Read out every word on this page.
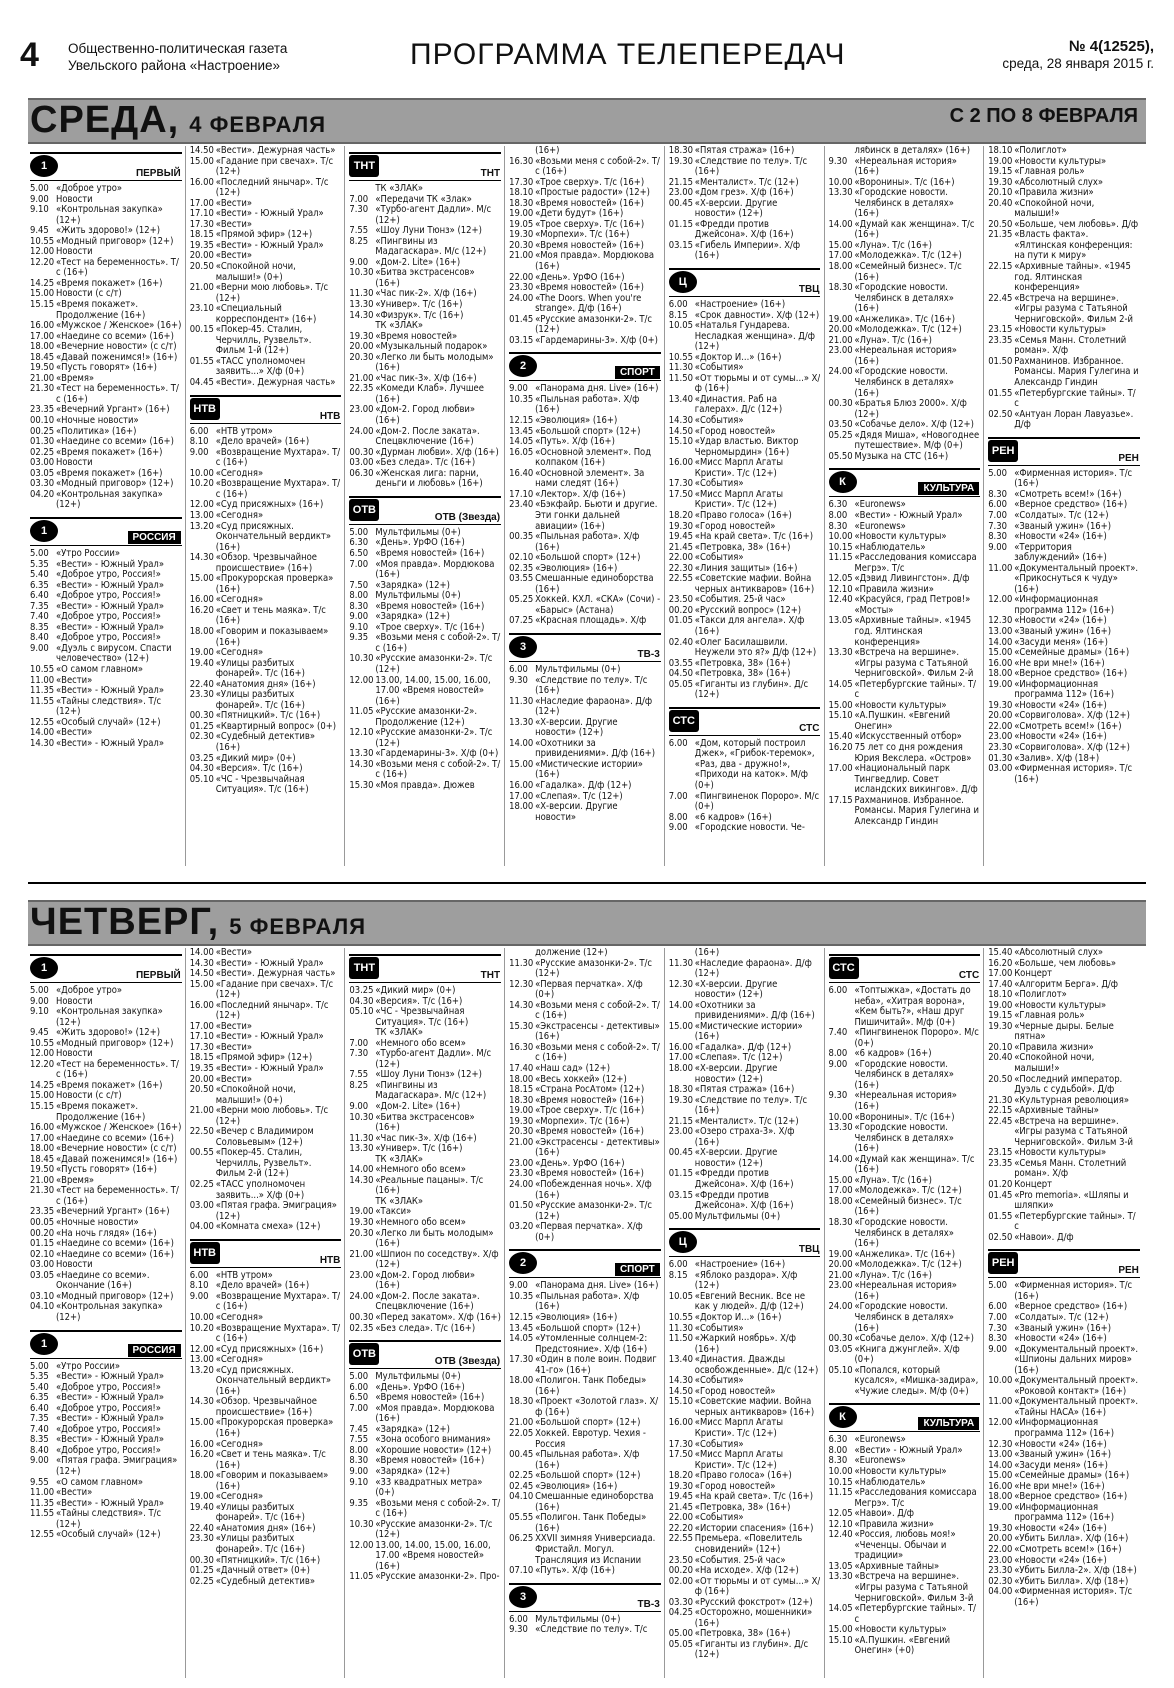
4 Общественно-политическая газета
Увельского района «Настроение»	ПРОГРАММА ТЕЛЕПЕРЕДАЧ	№ 4(12525),
среда, 28 января 2015 г.
СРЕДА, 4 ФЕВРАЛЯ	С 2 ПО 8 ФЕВРАЛЯ
1
ПЕРВЫЙ
5.00 «Доброе утро»
9.00 Новости
9.10 «Контрольная закупка» (12+)
9.45 «Жить здорово!» (12+)
10.55 «Модный приговор» (12+)
12.00 Новости
12.20 «Тест на беременность». Т/с (16+)
14.25 «Время покажет» (16+)
15.00 Новости (с с/т)
15.15 «Время покажет». Продолжение (16+)
16.00 «Мужское / Женское» (16+)
17.00 «Наедине со всеми» (16+)
18.00 «Вечерние новости» (с с/т)
18.45 «Давай поженимся!» (16+)
19.50 «Пусть говорят» (16+)
21.00 «Время»
21.30 «Тест на беременность». Т/с (16+)
23.35 «Вечерний Ургант» (16+)
00.10 «Ночные новости»
00.25 «Политика» (16+)
01.30 «Наедине со всеми» (16+)
02.25 «Время покажет» (16+)
03.00 Новости
03.05 «Время покажет» (16+)
03.30 «Модный приговор» (12+)
04.20 «Контрольная закупка» (12+)
1
РОССИЯ
5.00 «Утро России»
5.35 «Вести» - Южный Урал»
5.40 «Доброе утро, Россия!»
6.35 «Вести» - Южный Урал»
6.40 «Доброе утро, Россия!»
7.35 «Вести» - Южный Урал»
7.40 «Доброе утро, Россия!»
8.35 «Вести» - Южный Урал»
8.40 «Доброе утро, Россия!»
9.00 «Дуэль с вирусом. Спасти человечество» (12+)
10.55 «О самом главном»
11.00 «Вести»
11.35 «Вести» - Южный Урал»
11.55 «Тайны следствия». Т/с (12+)
12.55 «Особый случай» (12+)
14.00 «Вести»
14.30 «Вести» - Южный Урал»
14.50 «Вести». Дежурная часть»
15.00 «Гадание при свечах». Т/с (12+)
16.00 «Последний янычар». Т/с (12+)
17.00 «Вести»
17.10 «Вести» - Южный Урал»
17.30 «Вести»
18.15 «Прямой эфир» (12+)
19.35 «Вести» - Южный Урал»
20.00 «Вести»
20.50 «Спокойной ночи, малыши!» (0+)
21.00 «Верни мою любовь». Т/с (12+)
23.10 «Специальный корреспондент» (16+)
00.15 «Покер-45. Сталин, Черчилль, Рузвельт». Фильм 1-й (12+)
01.55 «ТАСС уполномочен заявить...» Х/ф (0+)
04.45 «Вести». Дежурная часть»
НТВ
НТВ
6.00 «НТВ утром»
8.10 «Дело врачей» (16+)
9.00 «Возвращение Мухтара». Т/с (16+)
10.00 «Сегодня»
10.20 «Возвращение Мухтара». Т/с (16+)
12.00 «Суд присяжных» (16+)
13.00 «Сегодня»
13.20 «Суд присяжных. Окончательный вердикт» (16+)
14.30 «Обзор. Чрезвычайное происшествие» (16+)
15.00 «Прокурорская проверка» (16+)
16.00 «Сегодня»
16.20 «Свет и тень маяка». Т/с (16+)
18.00 «Говорим и показываем» (16+)
19.00 «Сегодня»
19.40 «Улицы разбитых фонарей». Т/с (16+)
22.40 «Анатомия дня» (16+)
23.30 «Улицы разбитых фонарей». Т/с (16+)
00.30 «Пятницкий». Т/с (16+)
01.25 «Квартирный вопрос» (0+)
02.30 «Судебный детектив» (16+)
03.25 «Дикий мир» (0+)
04.30 «Версия». Т/с (16+)
05.10 «ЧС - Чрезвычайная Ситуация». Т/с (16+)
ТНТ
ТНТ
ТК «ЗЛАК»
7.00 «Передачи ТК «Злак»
7.30 «Турбо-агент Дадли». М/с (12+)
7.55 «Шоу Луни Тюнз» (12+)
8.25 «Пингвины из Мадагаскара». М/с (12+)
9.00 «Дом-2. Lite» (16+)
10.30 «Битва экстрасенсов» (16+)
11.30 «Час пик-2». Х/ф (16+)
13.30 «Универ». Т/с (16+)
14.30 «Физрук». Т/с (16+)
ТК «ЗЛАК»
19.30 «Время новостей»
20.00 «Музыкальный подарок»
20.30 «Легко ли быть молодым» (16+)
21.00 «Час пик-3». Х/ф (16+)
22.35 «Комеди Клаб». Лучшее (16+)
23.00 «Дом-2. Город любви» (16+)
24.00 «Дом-2. После заката». Спецвключение (16+)
00.30 «Дурман любви». Х/ф (16+)
03.00 «Без следа». Т/с (16+)
06.30 «Женская лига: парни, деньги и любовь» (16+)
ОТВ
ОТВ (Звезда)
5.00 Мультфильмы (0+)
6.30 «День». УрФО (16+)
6.50 «Время новостей» (16+)
7.00 «Моя правда». Мордюкова (16+)
7.50 «Зарядка» (12+)
8.00 Мультфильмы (0+)
8.30 «Время новостей» (16+)
9.00 «Зарядка» (12+)
9.10 «Трое сверху». Т/с (16+)
9.35 «Возьми меня с собой-2». Т/с (16+)
10.30 «Русские амазонки-2». Т/с (12+)
12.00 13.00, 14.00, 15.00, 16.00, 17.00 «Время новостей» (16+)
11.05 «Русские амазонки-2». Продолжение (12+)
12.10 «Русские амазонки-2». Т/с (12+)
13.30 «Гардемарины-3». Х/ф (0+)
14.30 «Возьми меня с собой-2». Т/с (16+)
15.30 «Моя правда». Дюжев
(16+)
16.30 «Возьми меня с собой-2». Т/с (16+)
17.30 «Трое сверху». Т/с (16+)
18.10 «Простые радости» (12+)
18.30 «Время новостей» (16+)
19.00 «Дети будут» (16+)
19.05 «Трое сверху». Т/с (16+)
19.30 «Морпехи». Т/с (16+)
20.30 «Время новостей» (16+)
21.00 «Моя правда». Мордюкова (16+)
22.00 «День». УрФО (16+)
23.30 «Время новостей» (16+)
24.00 «The Doors. When you're strange». Д/ф (16+)
01.45 «Русские амазонки-2». Т/с (12+)
03.15 «Гардемарины-3». Х/ф (0+)
2
СПОРТ
9.00 «Панорама дня. Live» (16+)
10.35 «Пыльная работа». Х/ф (16+)
12.15 «Эволюция» (16+)
13.45 «Большой спорт» (12+)
14.05 «Путь». Х/ф (16+)
16.05 «Основной элемент». Под колпаком (16+)
16.40 «Основной элемент». За нами следят (16+)
17.10 «Лектор». Х/ф (16+)
23.40 «Бэкфайр. Бьюти и другие. Эти гонки дальней авиации» (16+)
00.35 «Пыльная работа». Х/ф (16+)
02.10 «Большой спорт» (12+)
02.35 «Эволюция» (16+)
03.55 Смешанные единоборства (16+)
05.25 Хоккей. КХЛ. «СКА» (Сочи) - «Барыс» (Астана)
07.25 «Красная площадь». Х/ф
3
ТВ-3
6.00 Мультфильмы (0+)
9.30 «Следствие по телу». Т/с (16+)
11.30 «Наследие фараона». Д/ф (12+)
13.30 «Х-версии. Другие новости» (12+)
14.00 «Охотники за привидениями». Д/ф (16+)
15.00 «Мистические истории» (16+)
16.00 «Гадалка». Д/ф (12+)
17.00 «Слепая». Т/с (12+)
18.00 «Х-версии. Другие новости»
18.30 «Пятая стража» (16+)
19.30 «Следствие по телу». Т/с (16+)
21.15 «Менталист». Т/с (12+)
23.00 «Дом грез». Х/ф (16+)
00.45 «Х-версии. Другие новости» (12+)
01.15 «Фредди против Джейсона». Х/ф (16+)
03.15 «Гибель Империи». Х/ф (16+)
Ц
ТВЦ
6.00 «Настроение» (16+)
8.15 «Срок давности». Х/ф (12+)
10.05 «Наталья Гундарева. Несладкая женщина». Д/ф (12+)
10.55 «Доктор И...» (16+)
11.30 «События»
11.50 «От тюрьмы и от сумы...» Х/ф (16+)
13.40 «Династия. Раб на галерах». Д/с (12+)
14.30 «События»
14.50 «Город новостей»
15.10 «Удар властью. Виктор Черномырдин» (16+)
16.00 «Мисс Марпл Агаты Кристи». Т/с (12+)
17.30 «События»
17.50 «Мисс Марпл Агаты Кристи». Т/с (12+)
18.20 «Право голоса» (16+)
19.30 «Город новостей»
19.45 «На край света». Т/с (16+)
21.45 «Петровка, 38» (16+)
22.00 «События»
22.30 «Линия защиты» (16+)
22.55 «Советские мафии. Война черных антикваров» (16+)
23.50 «События. 25-й час»
00.20 «Русский вопрос» (12+)
01.05 «Такси для ангела». Х/ф (16+)
02.40 «Олег Басилашвили. Неужели это я?» Д/ф (12+)
03.55 «Петровка, 38» (16+)
04.50 «Петровка, 38» (16+)
05.05 «Гиганты из глубин». Д/с (12+)
СТС
СТС
6.00 «Дом, который построил Джек», «Грибок-теремок», «Раз, два - дружно!», «Приходи на каток». М/ф (0+)
7.00 «Пингвиненок Пороро». М/с (0+)
8.00 «6 кадров» (16+)
9.00 «Городские новости. Че-
лябинск в деталях» (16+)
9.30 «Нереальная история» (16+)
10.00 «Воронины». Т/с (16+)
13.30 «Городские новости. Челябинск в деталях» (16+)
14.00 «Думай как женщина». Т/с (16+)
15.00 «Луна». Т/с (16+)
17.00 «Молодежка». Т/с (12+)
18.00 «Семейный бизнес». Т/с (16+)
18.30 «Городские новости. Челябинск в деталях» (16+)
19.00 «Анжелика». Т/с (16+)
20.00 «Молодежка». Т/с (12+)
21.00 «Луна». Т/с (16+)
23.00 «Нереальная история» (16+)
24.00 «Городские новости. Челябинск в деталях» (16+)
00.30 «Братья Блюз 2000». Х/ф (12+)
03.50 «Собачье дело». Х/ф (12+)
05.25 «Дядя Миша», «Новогоднее путешествие». М/ф (0+)
05.50 Музыка на СТС (16+)
К
КУЛЬТУРА
6.30 «Euronews»
8.00 «Вести» - Южный Урал»
8.30 «Euronews»
10.00 «Новости культуры»
10.15 «Наблюдатель»
11.15 «Расследования комиссара Мегрэ». Т/с
12.05 «Дэвид Ливингстон». Д/ф
12.10 «Правила жизни»
12.40 «Красуйся, град Петров!» «Мосты»
13.05 «Архивные тайны». «1945 год. Ялтинская конференция»
13.30 «Встреча на вершине». «Игры разума с Татьяной Черниговской». Фильм 2-й
14.05 «Петербургские тайны». Т/с
15.00 «Новости культуры»
15.10 «А.Пушкин. «Евгений Онегин»
15.40 «Искусственный отбор»
16.20 75 лет со дня рождения Юрия Векслера. «Остров»
17.00 «Национальный парк Тингведлир. Совет исландских викингов». Д/ф
17.15 Рахманинов. Избранное. Романсы. Мария Гулегина и Александр Гиндин
18.10 «Полиглот»
19.00 «Новости культуры»
19.15 «Главная роль»
19.30 «Абсолютный слух»
20.10 «Правила жизни»
20.40 «Спокойной ночи, малыши!»
20.50 «Больше, чем любовь». Д/ф
21.35 «Власть факта». «Ялтинская конференция: на пути к миру»
22.15 «Архивные тайны». «1945 год. Ялтинская конференция»
22.45 «Встреча на вершине». «Игры разума с Татьяной Черниговской». Фильм 2-й
23.15 «Новости культуры»
23.35 «Семья Манн. Столетний роман». Х/ф
01.50 Рахманинов. Избранное. Романсы. Мария Гулегина и Александр Гиндин
01.55 «Петербургские тайны». Т/с
02.50 «Антуан Лоран Лавуазье». Д/ф
РЕН
РЕН
5.00 «Фирменная история». Т/с (16+)
8.30 «Смотреть всем!» (16+)
6.00 «Верное средство» (16+)
7.00 «Солдаты». Т/с (12+)
7.30 «Званый ужин» (16+)
8.30 «Новости «24» (16+)
9.00 «Территория заблуждений» (16+)
11.00 «Документальный проект». «Прикоснуться к чуду» (16+)
12.00 «Информационная программа 112» (16+)
12.30 «Новости «24» (16+)
13.00 «Званый ужин» (16+)
14.00 «Засуди меня» (16+)
15.00 «Семейные драмы» (16+)
16.00 «Не ври мне!» (16+)
18.00 «Верное средство» (16+)
19.00 «Информационная программа 112» (16+)
19.30 «Новости «24» (16+)
20.00 «Сорвиголова». Х/ф (12+)
22.00 «Смотреть всем!» (16+)
23.00 «Новости «24» (16+)
23.30 «Сорвиголова». Х/ф (12+)
01.30 «Залив». Х/ф (18+)
03.00 «Фирменная история». Т/с (16+)
ЧЕТВЕРГ, 5 ФЕВРАЛЯ
1
ПЕРВЫЙ
5.00 «Доброе утро»
9.00 Новости
9.10 «Контрольная закупка» (12+)
9.45 «Жить здорово!» (12+)
10.55 «Модный приговор» (12+)
12.00 Новости
12.20 «Тест на беременность». Т/с (16+)
14.25 «Время покажет» (16+)
15.00 Новости (с с/т)
15.15 «Время покажет». Продолжение (16+)
16.00 «Мужское / Женское» (16+)
17.00 «Наедине со всеми» (16+)
18.00 «Вечерние новости» (с с/т)
18.45 «Давай поженимся!» (16+)
19.50 «Пусть говорят» (16+)
21.00 «Время»
21.30 «Тест на беременность». Т/с (16+)
23.35 «Вечерний Ургант» (16+)
00.05 «Ночные новости»
00.20 «На ночь глядя» (16+)
01.15 «Наедине со всеми» (16+)
02.10 «Наедине со всеми» (16+)
03.00 Новости
03.05 «Наедине со всеми». Окончание (16+)
03.10 «Модный приговор» (12+)
04.10 «Контрольная закупка» (12+)
1
РОССИЯ
5.00 «Утро России»
5.35 «Вести» - Южный Урал»
5.40 «Доброе утро, Россия!»
6.35 «Вести» - Южный Урал»
6.40 «Доброе утро, Россия!»
7.35 «Вести» - Южный Урал»
7.40 «Доброе утро, Россия!»
8.35 «Вести» - Южный Урал»
8.40 «Доброе утро, Россия!»
9.00 «Пятая графа. Эмиграция» (12+)
9.55 «О самом главном»
11.00 «Вести»
11.35 «Вести» - Южный Урал»
11.55 «Тайны следствия». Т/с (12+)
12.55 «Особый случай» (12+)
14.00 «Вести»
14.30 «Вести» - Южный Урал»
14.50 «Вести». Дежурная часть»
15.00 «Гадание при свечах». Т/с (12+)
16.00 «Последний янычар». Т/с (12+)
17.00 «Вести»
17.10 «Вести» - Южный Урал»
17.30 «Вести»
18.15 «Прямой эфир» (12+)
19.35 «Вести» - Южный Урал»
20.00 «Вести»
20.50 «Спокойной ночи, малыши!» (0+)
21.00 «Верни мою любовь». Т/с (12+)
22.50 «Вечер с Владимиром Соловьевым» (12+)
00.55 «Покер-45. Сталин, Черчилль, Рузвельт». Фильм 2-й (12+)
02.25 «ТАСС уполномочен заявить...» Х/ф (0+)
03.00 «Пятая графа. Эмиграция» (12+)
04.00 «Комната смеха» (12+)
НТВ
НТВ
6.00 «НТВ утром»
8.10 «Дело врачей» (16+)
9.00 «Возвращение Мухтара». Т/с (16+)
10.00 «Сегодня»
10.20 «Возвращение Мухтара». Т/с (16+)
12.00 «Суд присяжных» (16+)
13.00 «Сегодня»
13.20 «Суд присяжных. Окончательный вердикт» (16+)
14.30 «Обзор. Чрезвычайное происшествие» (16+)
15.00 «Прокурорская проверка» (16+)
16.00 «Сегодня»
16.20 «Свет и тень маяка». Т/с (16+)
18.00 «Говорим и показываем» (16+)
19.00 «Сегодня»
19.40 «Улицы разбитых фонарей». Т/с (16+)
22.40 «Анатомия дня» (16+)
23.30 «Улицы разбитых фонарей». Т/с (16+)
00.30 «Пятницкий». Т/с (16+)
01.25 «Дачный ответ» (0+)
02.25 «Судебный детектив»
ТНТ
ТНТ
03.25 «Дикий мир» (0+)
04.30 «Версия». Т/с (16+)
05.10 «ЧС - Чрезвычайная Ситуация». Т/с (16+)
ТК «ЗЛАК»
7.00 «Немного обо всем»
7.30 «Турбо-агент Дадли». М/с (12+)
7.55 «Шоу Луни Тюнз» (12+)
8.25 «Пингвины из Мадагаскара». М/с (12+)
9.00 «Дом-2. Lite» (16+)
10.30 «Битва экстрасенсов» (16+)
11.30 «Час пик-3». Х/ф (16+)
13.30 «Универ». Т/с (16+)
ТК «ЗЛАК»
14.00 «Немного обо всем»
14.30 «Реальные пацаны». Т/с (16+)
ТК «ЗЛАК»
19.00 «Такси»
19.30 «Немного обо всем»
20.30 «Легко ли быть молодым» (16+)
21.00 «Шпион по соседству». Х/ф (12+)
23.00 «Дом-2. Город любви» (16+)
24.00 «Дом-2. После заката». Спецвключение (16+)
00.30 «Перед закатом». Х/ф (16+)
02.35 «Без следа». Т/с (16+)
ОТВ
ОТВ (Звезда)
5.00 Мультфильмы (0+)
6.00 «День». УрФО (16+)
6.50 «Время новостей» (16+)
7.00 «Моя правда». Мордюкова (16+)
7.45 «Зарядка» (12+)
7.55 «Зона особого внимания»
8.00 «Хорошие новости» (12+)
8.30 «Время новостей» (16+)
9.00 «Зарядка» (12+)
9.10 «33 квадратных метра» (0+)
9.35 «Возьми меня с собой-2». Т/с (16+)
10.30 «Русские амазонки-2». Т/с (12+)
12.00 13.00, 14.00, 15.00, 16.00, 17.00 «Время новостей» (16+)
11.05 «Русские амазонки-2». Про-
должение (12+)
11.30 «Русские амазонки-2». Т/с (12+)
12.30 «Первая перчатка». Х/ф (0+)
14.30 «Возьми меня с собой-2». Т/с (16+)
15.30 «Экстрасенсы - детективы» (16+)
16.30 «Возьми меня с собой-2». Т/с (16+)
17.40 «Наш сад» (12+)
18.00 «Весь хоккей» (12+)
18.15 «Страна РосАтом» (12+)
18.30 «Время новостей» (16+)
19.00 «Трое сверху». Т/с (16+)
19.30 «Морпехи». Т/с (16+)
20.30 «Время новостей» (16+)
21.00 «Экстрасенсы - детективы» (16+)
23.00 «День». УрФО (16+)
23.30 «Время новостей» (16+)
24.00 «Побежденная ночь». Х/ф (16+)
01.50 «Русские амазонки-2». Т/с (12+)
03.20 «Первая перчатка». Х/ф (0+)
2
СПОРТ
9.00 «Панорама дня. Live» (16+)
10.35 «Пыльная работа». Х/ф (16+)
12.15 «Эволюция» (16+)
13.45 «Большой спорт» (12+)
14.05 «Утомленные солнцем-2: Предстояние». Х/ф (16+)
17.30 «Один в поле воин. Подвиг 41-го» (16+)
18.00 «Полигон. Танк Победы» (16+)
18.30 «Проект «Золотой глаз». Х/ф (16+)
21.00 «Большой спорт» (12+)
22.05 Хоккей. Евротур. Чехия - Россия
00.45 «Пыльная работа». Х/ф (16+)
02.25 «Большой спорт» (12+)
02.45 «Эволюция» (16+)
04.10 Смешанные единоборства (16+)
05.55 «Полигон. Танк Победы» (16+)
06.25 XXVII зимняя Универсиада. Фристайл. Могул. Трансляция из Испании
07.10 «Путь». Х/ф (16+)
3
ТВ-3
6.00 Мультфильмы (0+)
9.30 «Следствие по телу». Т/с
(16+)
11.30 «Наследие фараона». Д/ф (12+)
12.30 «Х-версии. Другие новости» (12+)
14.00 «Охотники за привидениями». Д/ф (16+)
15.00 «Мистические истории» (16+)
16.00 «Гадалка». Д/ф (12+)
17.00 «Слепая». Т/с (12+)
18.00 «Х-версии. Другие новости» (12+)
18.30 «Пятая стража» (16+)
19.30 «Следствие по телу». Т/с (16+)
21.15 «Менталист». Т/с (12+)
23.00 «Озеро страха-3». Х/ф (16+)
00.45 «Х-версии. Другие новости» (12+)
01.15 «Фредди против Джейсона». Х/ф (16+)
03.15 «Фредди против Джейсона». Х/ф (16+)
05.00 Мультфильмы (0+)
Ц
ТВЦ
6.00 «Настроение» (16+)
8.15 «Яблоко раздора». Х/ф (12+)
10.05 «Евгений Весник. Все не как у людей». Д/ф (12+)
10.55 «Доктор И...» (16+)
11.30 «События»
11.50 «Жаркий ноябрь». Х/ф (16+)
13.40 «Династия. Дважды освобожденные». Д/с (12+)
14.30 «События»
14.50 «Город новостей»
15.10 «Советские мафии. Война черных антикваров» (16+)
16.00 «Мисс Марпл Агаты Кристи». Т/с (12+)
17.30 «События»
17.50 «Мисс Марпл Агаты Кристи». Т/с (12+)
18.20 «Право голоса» (16+)
19.30 «Город новостей»
19.45 «На край света». Т/с (16+)
21.45 «Петровка, 38» (16+)
22.00 «События»
22.20 «Истории спасения» (16+)
22.55 Премьера. «Повелитель сновидений» (12+)
23.50 «События. 25-й час»
00.20 «На исходе». Х/ф (12+)
02.00 «От тюрьмы и от сумы...» Х/ф (16+)
03.30 «Русский фокстрот» (12+)
04.25 «Осторожно, мошенники» (16+)
05.00 «Петровка, 38» (16+)
05.05 «Гиганты из глубин». Д/с (12+)
СТС
СТС
6.00 «Топтыжка», «Достать до неба», «Хитрая ворона», «Кем быть?», «Наш друг Пишичитай». М/ф (0+)
7.40 «Пингвиненок Пороро». М/с (0+)
8.00 «6 кадров» (16+)
9.00 «Городские новости. Челябинск в деталях» (16+)
9.30 «Нереальная история» (16+)
10.00 «Воронины». Т/с (16+)
13.30 «Городские новости. Челябинск в деталях» (16+)
14.00 «Думай как женщина». Т/с (16+)
15.00 «Луна». Т/с (16+)
17.00 «Молодежка». Т/с (12+)
18.00 «Семейный бизнес». Т/с (16+)
18.30 «Городские новости. Челябинск в деталях» (16+)
19.00 «Анжелика». Т/с (16+)
20.00 «Молодежка». Т/с (12+)
21.00 «Луна». Т/с (16+)
23.00 «Нереальная история» (16+)
24.00 «Городские новости. Челябинск в деталях» (16+)
00.30 «Собачье дело». Х/ф (12+)
03.05 «Книга джунглей». Х/ф (0+)
05.10 «Попался, который кусался», «Мишка-задира», «Чужие следы». М/ф (0+)
К
КУЛЬТУРА
6.30 «Euronews»
8.00 «Вести» - Южный Урал»
8.30 «Euronews»
10.00 «Новости культуры»
10.15 «Наблюдатель»
11.15 «Расследования комиссара Мегрэ». Т/с
12.05 «Навои». Д/ф
12.10 «Правила жизни»
12.40 «Россия, любовь моя!» «Чеченцы. Обычаи и традиции»
13.05 «Архивные тайны»
13.30 «Встреча на вершине». «Игры разума с Татьяной Черниговской». Фильм 3-й
14.05 «Петербургские тайны». Т/с
15.00 «Новости культуры»
15.10 «А.Пушкин. «Евгений Онегин» (+0)
15.40 «Абсолютный слух»
16.20 «Больше, чем любовь»
17.00 Концерт
17.40 «Алгоритм Берга». Д/ф
18.10 «Полиглот»
19.00 «Новости культуры»
19.15 «Главная роль»
19.30 «Черные дыры. Белые пятна»
20.10 «Правила жизни»
20.40 «Спокойной ночи, малыши!»
20.50 «Последний император. Дуэль с судьбой». Д/ф
21.30 «Культурная революция»
22.15 «Архивные тайны»
22.45 «Встреча на вершине». «Игры разума с Татьяной Черниговской». Фильм 3-й
23.15 «Новости культуры»
23.35 «Семья Манн. Столетний роман». Х/ф
01.20 Концерт
01.45 «Pro memoria». «Шляпы и шляпки»
01.55 «Петербургские тайны». Т/с
02.50 «Навои». Д/ф
РЕН
РЕН
5.00 «Фирменная история». Т/с (16+)
6.00 «Верное средство» (16+)
7.00 «Солдаты». Т/с (12+)
7.30 «Званый ужин» (16+)
8.30 «Новости «24» (16+)
9.00 «Документальный проект». «Шпионы дальних миров» (16+)
10.00 «Документальный проект». «Роковой контакт» (16+)
11.00 «Документальный проект». «Тайны НАСА» (16+)
12.00 «Информационная программа 112» (16+)
12.30 «Новости «24» (16+)
13.00 «Званый ужин» (16+)
14.00 «Засуди меня» (16+)
15.00 «Семейные драмы» (16+)
16.00 «Не ври мне!» (16+)
18.00 «Верное средство» (16+)
19.00 «Информационная программа 112» (16+)
19.30 «Новости «24» (16+)
20.00 «Убить Билла». Х/ф (16+)
22.00 «Смотреть всем!» (16+)
23.00 «Новости «24» (16+)
23.30 «Убить Билла-2». Х/ф (18+)
02.30 «Убить Билла». Х/ф (18+)
04.00 «Фирменная история». Т/с (16+)
